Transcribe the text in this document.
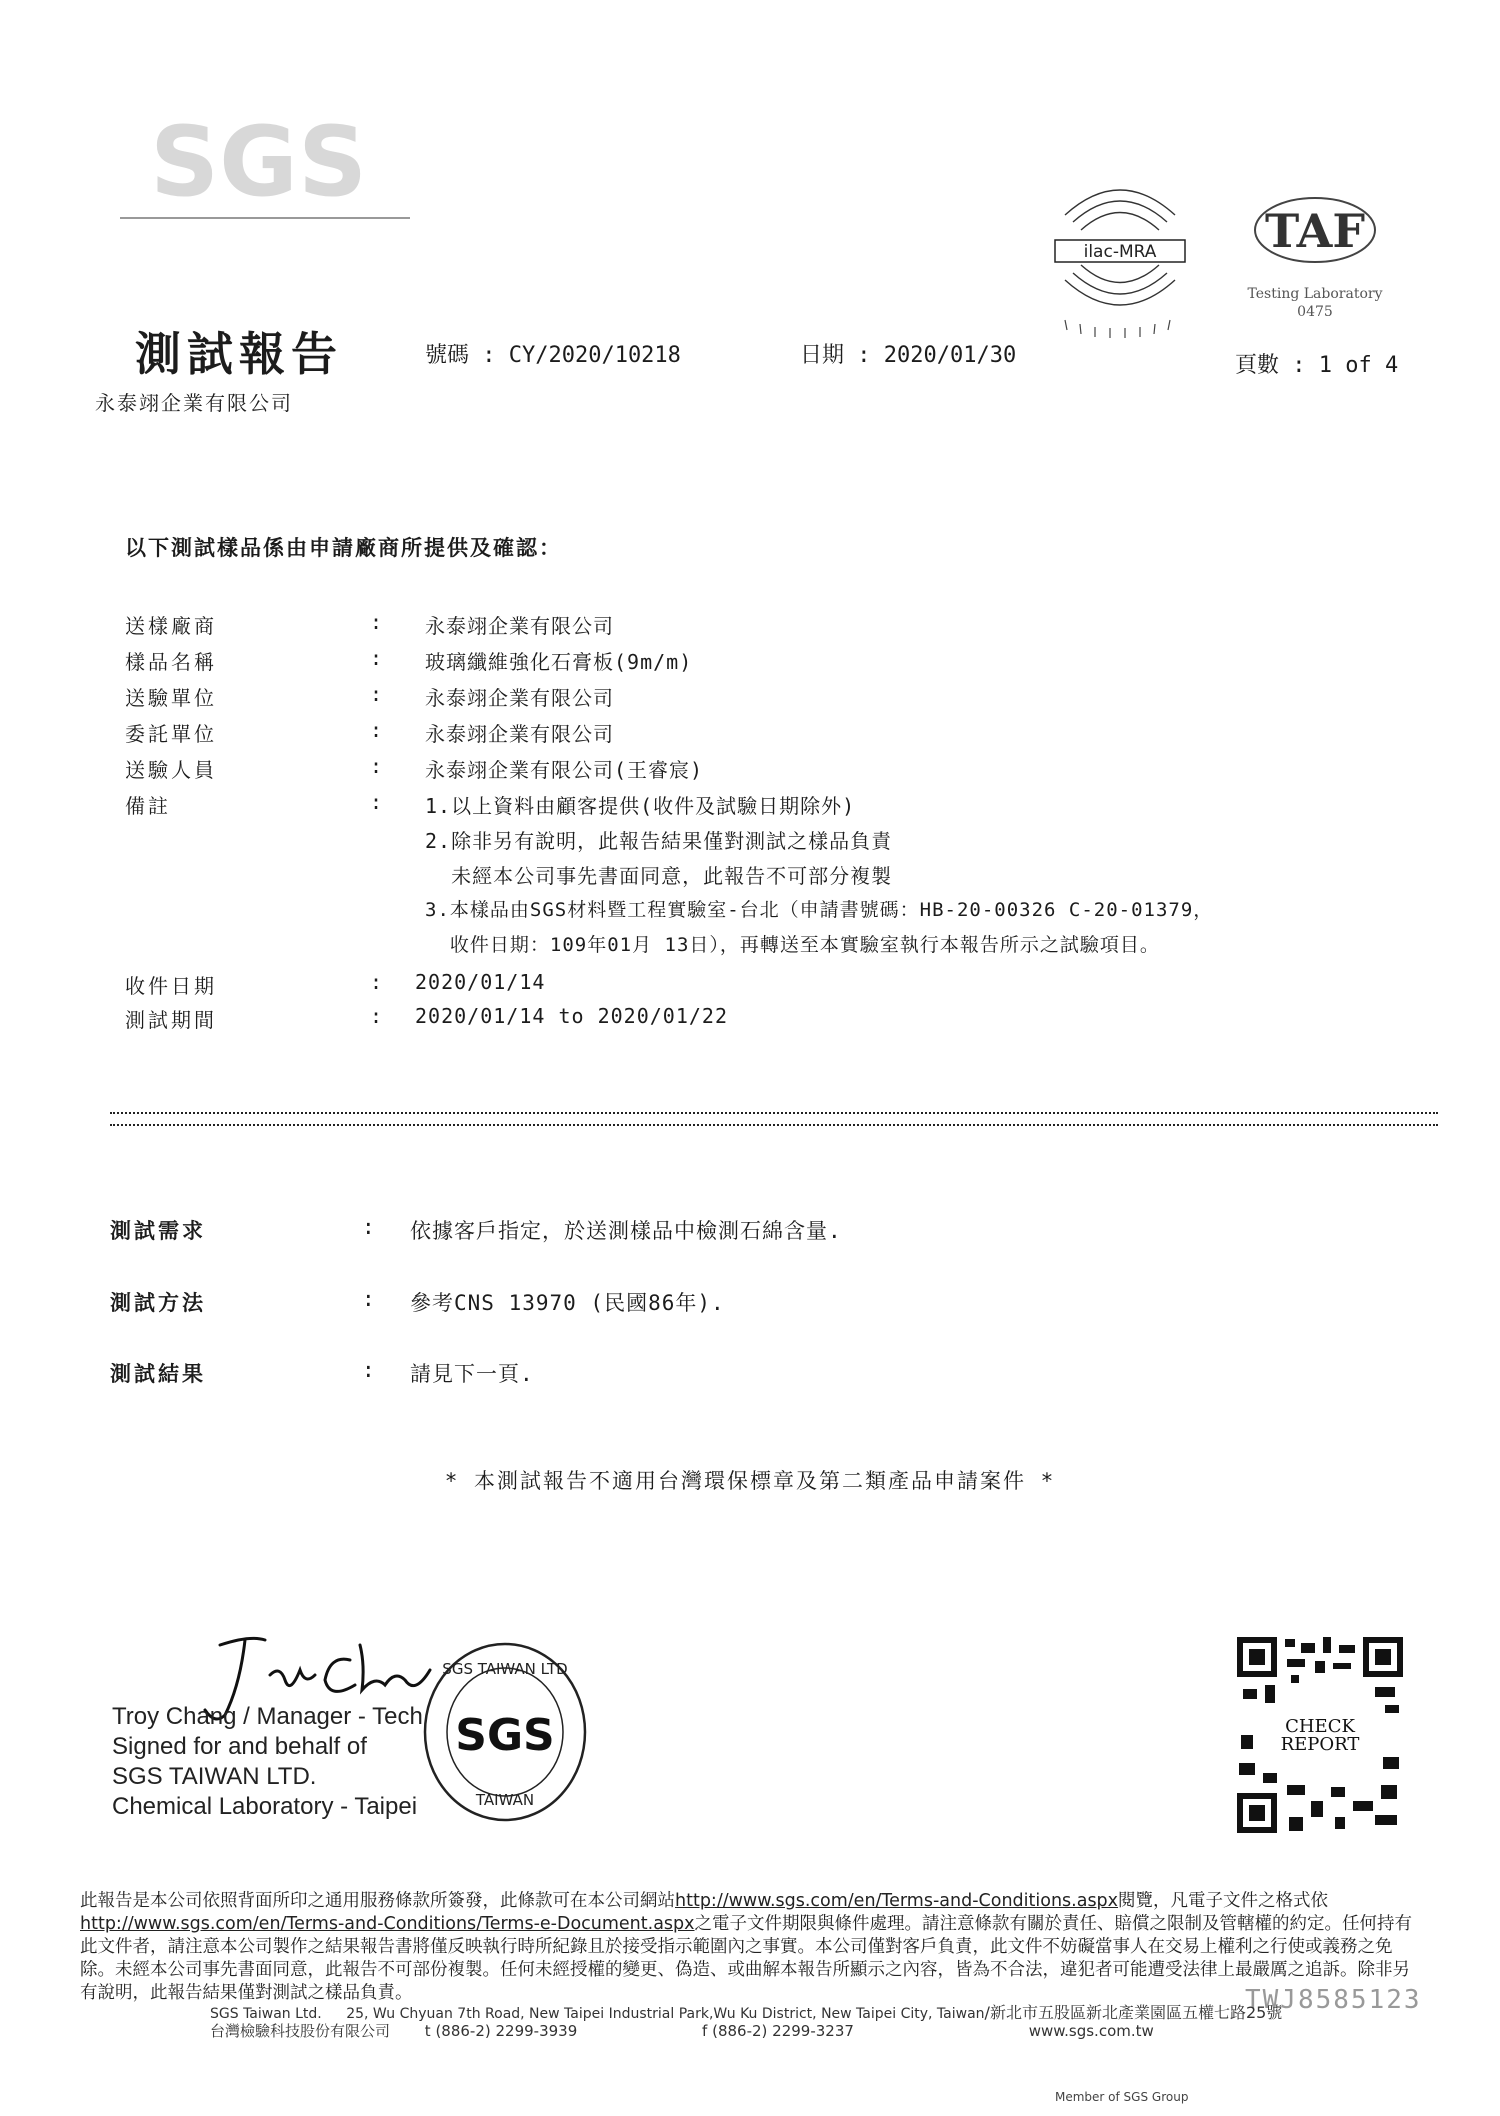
SGS
ilac-MRA TAF
Testing Laboratory
0475
測試報告	號碼 : CY/2020/10218	日期 : 2020/01/30	頁數 : 1 of 4
永泰翊企業有限公司
以下測試樣品係由申請廠商所提供及確認：
送樣廠商	: 永泰翊企業有限公司
樣品名稱	: 玻璃纖維強化石膏板(9m/m)
送驗單位	: 永泰翊企業有限公司
委託單位	: 永泰翊企業有限公司
送驗人員	: 永泰翊企業有限公司(王睿宸)
備註	: 1.以上資料由顧客提供(收件及試驗日期除外)
2.除非另有說明，此報告結果僅對測試之樣品負責
未經本公司事先書面同意，此報告不可部分複製
3.本樣品由SGS材料暨工程實驗室-台北（申請書號碼：HB-20-00326 C-20-01379，
收件日期：109年01月 13日），再轉送至本實驗室執行本報告所示之試驗項目。
收件日期	: 2020/01/14
測試期間	: 2020/01/14 to 2020/01/22
測試需求	: 依據客戶指定，於送測樣品中檢測石綿含量.
測試方法	: 參考CNS 13970 (民國86年).
測試結果	: 請見下一頁.
* 本測試報告不適用台灣環保標章及第二類產品申請案件 *
Troy Chang / Manager - Tech
Signed for and behalf of
SGS TAIWAN LTD.
Chemical Laboratory - Taipei
SGS TAIWAN LTD
SGS
TAIWAN
CHECK
REPORT
此報告是本公司依照背面所印之通用服務條款所簽發，此條款可在本公司網站http://www.sgs.com/en/Terms-and-Conditions.aspx閱覽，凡電子文件之格式依http://www.sgs.com/en/Terms-and-Conditions/Terms-e-Document.aspx之電子文件期限與條件處理。請注意條款有關於責任、賠償之限制及管轄權的約定。任何持有此文件者，請注意本公司製作之結果報告書將僅反映執行時所紀錄且於接受指示範圍內之事實。本公司僅對客戶負責，此文件不妨礙當事人在交易上權利之行使或義務之免除。未經本公司事先書面同意，此報告不可部份複製。任何未經授權的變更、偽造、或曲解本報告所顯示之內容，皆為不合法，違犯者可能遭受法律上最嚴厲之追訴。除非另有說明，此報告結果僅對測試之樣品負責。	TWJ8585123
SGS Taiwan Ltd. 25, Wu Chyuan 7th Road, New Taipei Industrial Park,Wu Ku District, New Taipei City, Taiwan/新北市五股區新北產業園區五權七路25號
台灣檢驗科技股份有限公司 t (886-2) 2299-3939	f (886-2) 2299-3237	www.sgs.com.tw
Member of SGS Group
